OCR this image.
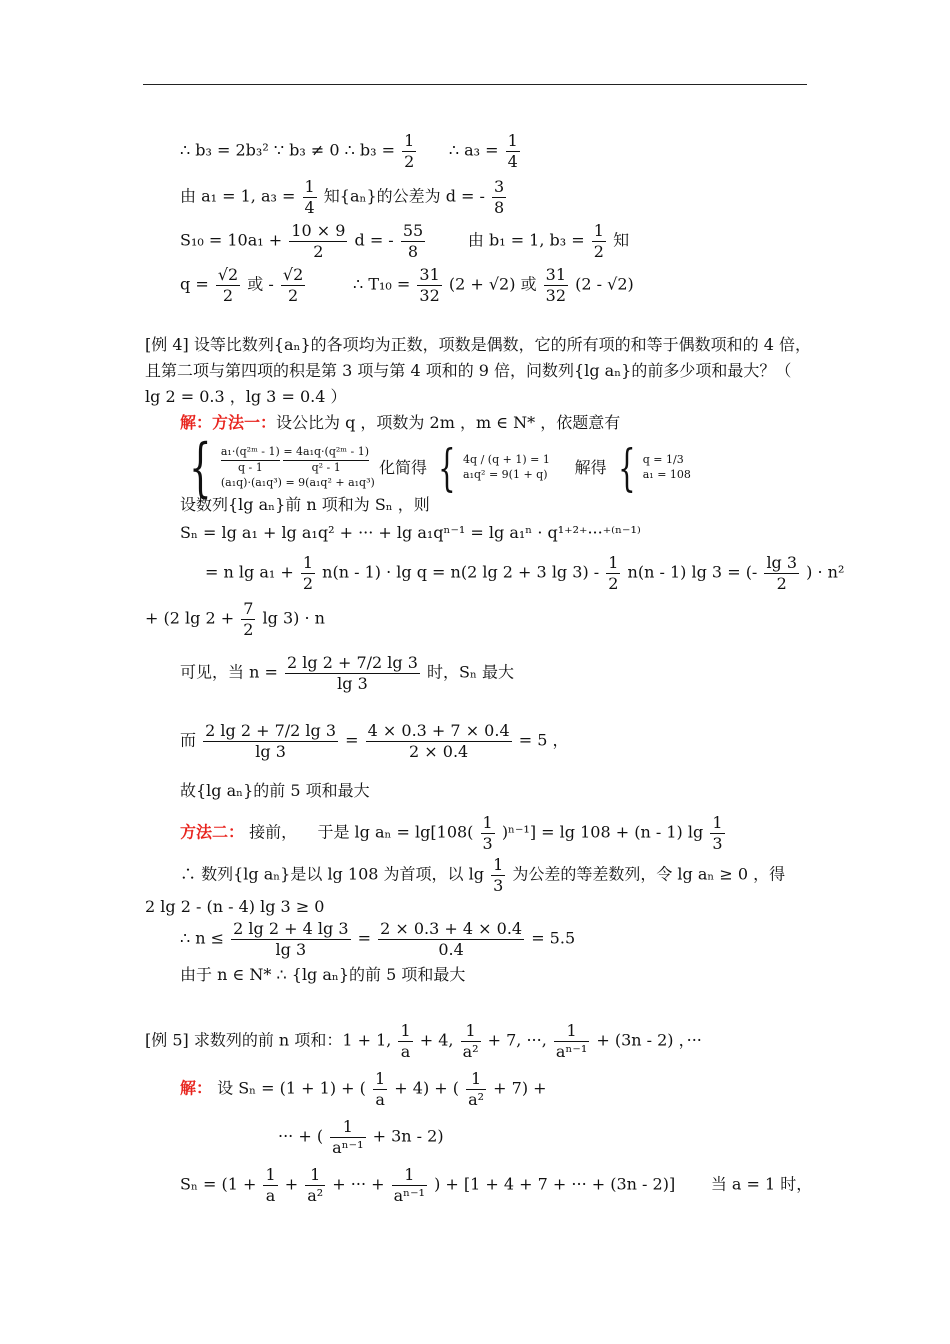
∴ b₃ = 2b₃² ∵ b₃ ≠ 0 ∴ $b_3 = \frac{1}{2}$ ∴ $a_3 = \frac{1}{4}$
由 a₁ = 1, $a_3 = \frac{1}{4}$ 知{aₙ}的公差为 d = - $\frac{3}{8}$
$S_{10} = 10a_1 + \frac{10 \times 9}{2}$ d = - $\frac{55}{8}$	由 b₁ = 1, $b_3 = \frac{1}{2}$ 知
$q = \frac{√2}{2}$ 或 - $\frac{√2}{2}$	∴ $T_{10} = \frac{31}{32} (2 + √2)$ 或 $\frac{31}{32} (2 - √2)$
[例 4] 设等比数列{aₙ}的各项均为正数，项数是偶数，它的所有项的和等于偶数项和的 4 倍，
且第二项与第四项的积是第 3 项与第 4 项和的 9 倍，问数列{lg aₙ}的前多少项和最大？（
lg 2 = 0.3 ，lg 3 = 0.4 ）
解：方法一：设公比为 q ，项数为 2m ，m ∈ N* ，依题意有
{ $\frac{\text{a₁·(q²ᵐ - 1)}}{q - 1}$
$\frac{\text{= 4a₁q·(q²ᵐ - 1)}}{\text{q² - 1}}$

(a₁q)·(a₁q³) = 9(a₁q² + a₁q³) 化简得 { 4q / (q + 1) = 1
a₁q² = 9(1 + q) 解得 { q = 1/3
a₁ = 108
设数列{lg aₙ}前 n 项和为 Sₙ ，则
Sₙ = lg a₁ + lg a₁q² + ··· + lg a₁qⁿ⁻¹ = lg a₁ⁿ · q¹⁺²⁺···⁺⁽ⁿ⁻¹⁾
= n $\lg a_1 + \frac{1}{2} n(n - 1) \cdot \lg q = n(2$ lg 2 + 3 $\lg 3) - \frac{1}{2} n(n - 1)$ lg 3 = (- $\frac{\lg 3}{2}$ ) · n²
+ (2 $\lg 2 + \frac{7}{2}$ lg 3) · n
可见，当 $n = \frac{2 \lg 2 + 7/2 \lg 3}{\lg 3}$ 时，Sₙ 最大
而 $\frac{2 \lg 2 + 7/2 \lg 3}{\lg 3} = \frac{4 \times 0.3 + 7 \times 0.4}{2 \times 0.4} = 5$ ，
故{lg aₙ}的前 5 项和最大
方法二： 接前， 于是 $\lg a_n = \lg[108( \frac{1}{3} )^{n-1}] = \lg 108 + (n - 1)$ $\lg \frac{1}{3}$
∴ 数列{lg aₙ}是以 lg 108 为首项，以 $\lg \frac{1}{3}$ 为公差的等差数列，令 lg aₙ ≥ 0 ，得
2 lg 2 - (n - 4) lg 3 ≥ 0
∴ $n \le \frac{2 \lg 2 + 4 \lg 3}{\lg 3} = \frac{2 \times 0.3 + 4 \times 0.4}{0.4} = 5.5$
由于 n ∈ N* ∴ {lg aₙ}的前 5 项和最大
[例 5] 求数列的前 n 项和：1 + 1, $\frac{1}{a} + 4$, $\frac{1}{\text{a²}} + 7$, ···, $\frac{1}{\text{aⁿ⁻¹}} + (3n - 2)$ ，···
解： 设 Sₙ = (1 + 1) + ( $\frac{1}{a} + 4$) + ( $\frac{1}{\text{a²}} + 7$) +
··· + ( $\frac{1}{\text{aⁿ⁻¹}} + 3n - 2$)
$S_n = (1 + \frac{1}{a} + \frac{1}{\text{a²}}$ + ··· + $\frac{1}{\text{aⁿ⁻¹}}$ ) + [1 + 4 + 7 + ··· + (3n - 2)] 当 a = 1 时，
